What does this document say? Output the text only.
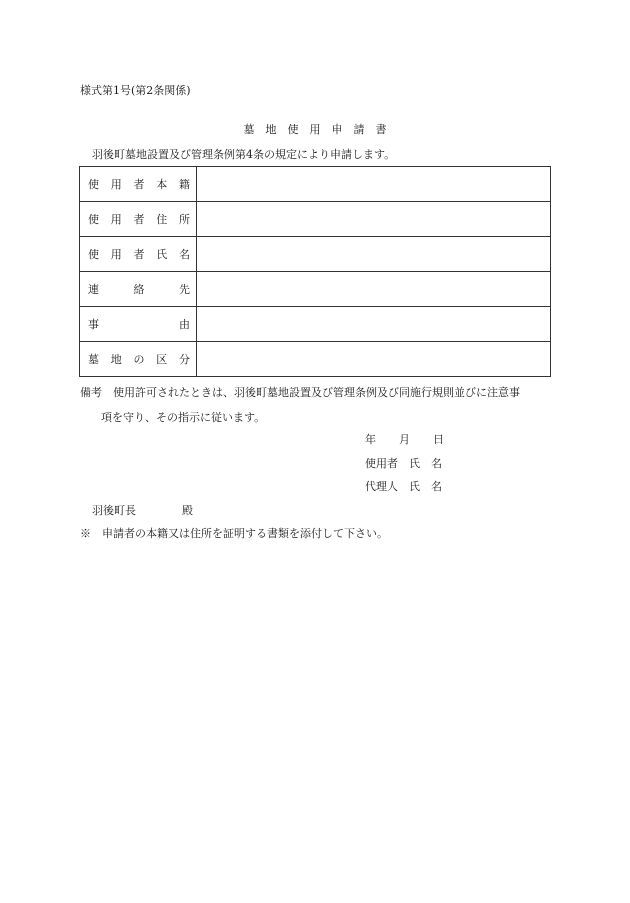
様式第1号(第2条関係)
墓地使用申請書
羽後町墓地設置及び管理条例第4条の規定により申請します。
使 用 者 本 籍	

使 用 者 住 所	

使 用 者 氏 名	

連 絡 先	

事 由	

墓 地 の 区 分	

備考　 使用許可されたときは、羽後町墓地設置及び管理条例及び同施行規則並びに注意事
項を守り、その指示に従います。
年 月 日
使用者　 氏　名
代理人　 氏　名
羽後町長	殿
※　 申請者の本籍又は住所を証明する書類を添付して下さい。
